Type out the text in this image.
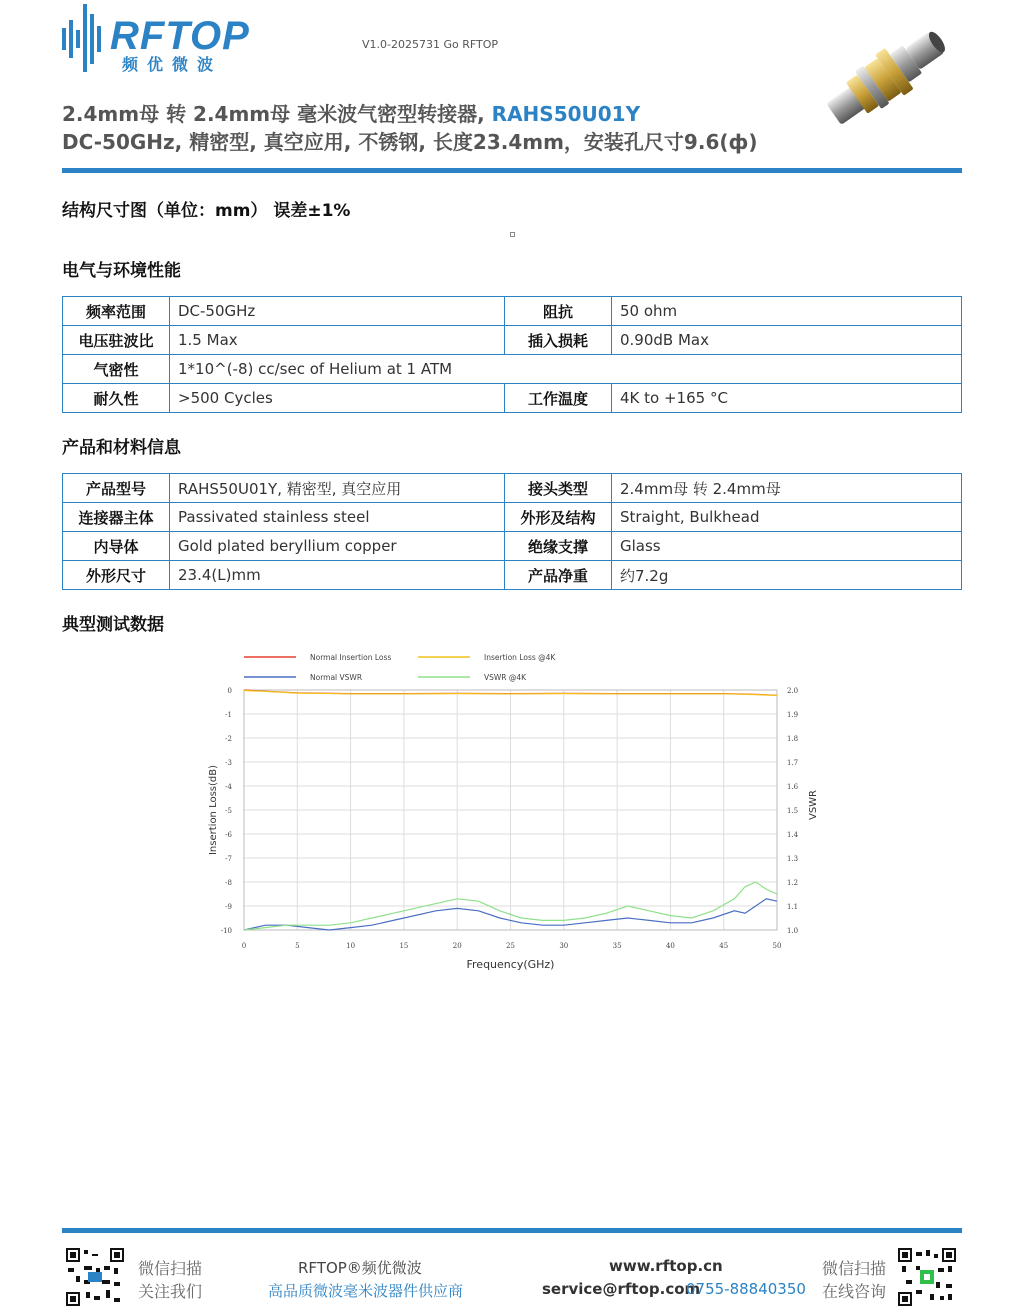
RFTOP
频优微波
V1.0-2025731 Go RFTOP
2.4mm母 转 2.4mm母 毫米波气密型转接器, RAHS50U01Y
DC-50GHz, 精密型, 真空应用, 不锈钢, 长度23.4mm，安装孔尺寸9.6(ф)
结构尺寸图（单位：mm） 误差±1%
电气与环境性能
频率范围	DC-50GHz	阻抗	50 ohm
电压驻波比	1.5 Max	插入损耗	0.90dB Max
气密性	1*10^(-8) cc/sec of Helium at 1 ATM		
耐久性	>500 Cycles	工作温度	4K to +165 °C
产品和材料信息
产品型号	RAHS50U01Y, 精密型, 真空应用	接头类型	2.4mm母 转 2.4mm母
连接器主体	Passivated stainless steel	外形及结构	Straight, Bulkhead
内导体	Gold plated beryllium copper	绝缘支撑	Glass
外形尺寸	23.4(L)mm	产品净重	约7.2g
典型测试数据
0	5	10	15	20	25	30	35	40	45	50
0
-1
-2
-3
-4
-5
-6
-7
-8
-9
-10
2.0
1.9
1.8
1.7
1.6
1.5
1.4
1.3
1.2
1.1
1.0
Frequency(GHz)
Insertion Loss(dB)	VSWR
Normal Insertion Loss	Insertion Loss @4K
Normal VSWR	VSWR @4K
微信扫描
关注我们
RFTOP®频优微波
高品质微波毫米波器件供应商
www.rftop.cn
service@rftop.com
0755-88840350
微信扫描
在线咨询
